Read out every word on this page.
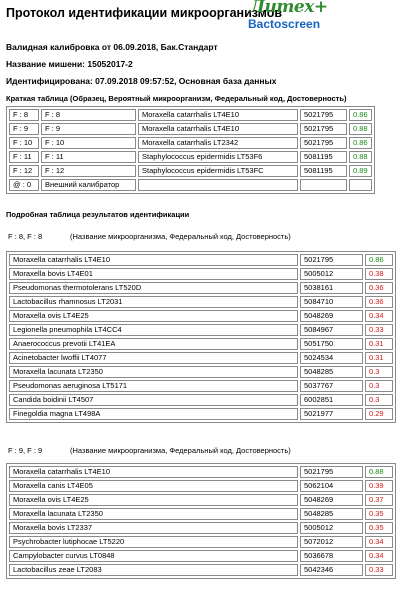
Протокол идентификации микроорганизмов
Литех+
Bactoscreen
Валидная калибровка от 06.09.2018, Бак.Стандарт
Название мишени: 15052017-2
Идентифицирована: 07.09.2018 09:57:52, Основная база данных
Краткая таблица (Образец, Вероятный микроорганизм, Федеральный код, Достоверность)
F : 8	F : 8	Moraxella catarrhalis LT4E10	5021795	0.86
F : 9	F : 9	Moraxella catarrhalis LT4E10	5021795	0.88
F : 10	F : 10	Moraxella catarrhalis LT2342	5021795	0.86
F : 11	F : 11	Staphylococcus epidermidis LT53F6	5081195	0.88
F : 12	F : 12	Staphylococcus epidermidis LT53FC	5081195	0.89
@ : 0	Внешний калибратор			
Подробная таблица результатов идентификации
F : 8, F : 8	(Название микроорганизма, Федеральный код, Достоверность)
Moraxella catarrhalis LT4E10	5021795	0.86
Moraxella bovis LT4E01	5005012	0.38
Pseudomonas thermotolerans LT520D	5038161	0.36
Lactobacillus rhamnosus LT2031	5084710	0.36
Moraxella ovis LT4E25	5048269	0.34
Legionella pneumophila LT4CC4	5084967	0.33
Anaerococcus prevotii LT41EA	5051750	0.31
Acinetobacter lwoffii LT4077	5024534	0.31
Moraxella lacunata LT2350	5048285	0.3
Pseudomonas aeruginosa LT5171	5037767	0.3
Candida boidinii LT4507	6002851	0.3
Finegoldia magna LT498A	5021977	0.29
F : 9, F : 9	(Название микроорганизма, Федеральный код, Достоверность)
Moraxella catarrhalis LT4E10	5021795	0.88
Moraxella canis LT4E05	5062104	0.39
Moraxella ovis LT4E25	5048269	0.37
Moraxella lacunata LT2350	5048285	0.35
Moraxella bovis LT2337	5005012	0.35
Psychrobacter lutiphocae LT5220	5072012	0.34
Campylobacter curvus LT0848	5036678	0.34
Lactobacillus zeae LT2083	5042346	0.33
